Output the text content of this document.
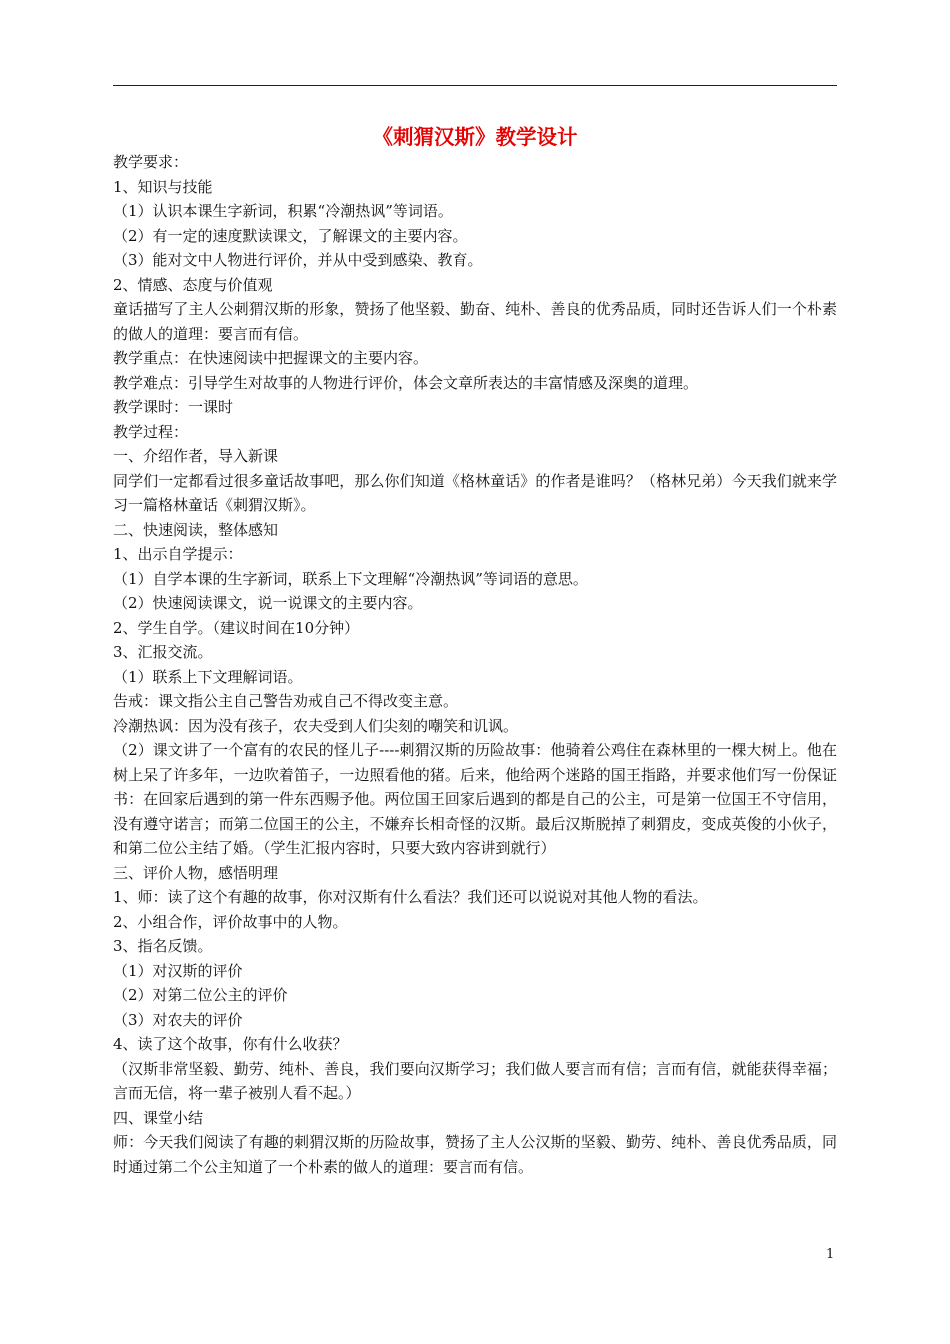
《刺猬汉斯》教学设计

教学要求：

1、知识与技能

（1）认识本课生字新词，积累“冷潮热讽”等词语。

（2）有一定的速度默读课文，了解课文的主要内容。

（3）能对文中人物进行评价，并从中受到感染、教育。

2、情感、态度与价值观

童话描写了主人公刺猬汉斯的形象，赞扬了他坚毅、勤奋、纯朴、善良的优秀品质，同时还告诉人们一个朴素的做人的道理：要言而有信。

教学重点：在快速阅读中把握课文的主要内容。

教学难点：引导学生对故事的人物进行评价，体会文章所表达的丰富情感及深奥的道理。

教学课时：一课时

教学过程：

一、介绍作者，导入新课

同学们一定都看过很多童话故事吧，那么你们知道《格林童话》的作者是谁吗？（格林兄弟）今天我们就来学习一篇格林童话《刺猬汉斯》。

二、快速阅读，整体感知

1、出示自学提示：

（1）自学本课的生字新词，联系上下文理解“冷潮热讽”等词语的意思。

（2）快速阅读课文，说一说课文的主要内容。

2、学生自学。（建议时间在10分钟）

3、汇报交流。

（1）联系上下文理解词语。

告戒：课文指公主自己警告劝戒自己不得改变主意。

冷潮热讽：因为没有孩子，农夫受到人们尖刻的嘲笑和讥讽。

（2）课文讲了一个富有的农民的怪儿子----刺猬汉斯的历险故事：他骑着公鸡住在森林里的一棵大树上。他在树上呆了许多年，一边吹着笛子，一边照看他的猪。后来，他给两个迷路的国王指路，并要求他们写一份保证书：在回家后遇到的第一件东西赐予他。两位国王回家后遇到的都是自己的公主，可是第一位国王不守信用，没有遵守诺言；而第二位国王的公主，不嫌弃长相奇怪的汉斯。最后汉斯脱掉了刺猬皮，变成英俊的小伙子，和第二位公主结了婚。（学生汇报内容时，只要大致内容讲到就行）

三、评价人物，感悟明理

1、师：读了这个有趣的故事，你对汉斯有什么看法？我们还可以说说对其他人物的看法。

2、小组合作，评价故事中的人物。

3、指名反馈。

（1）对汉斯的评价

（2）对第二位公主的评价

（3）对农夫的评价

4、读了这个故事，你有什么收获？

（汉斯非常坚毅、勤劳、纯朴、善良，我们要向汉斯学习；我们做人要言而有信；言而有信，就能获得幸福；言而无信，将一辈子被别人看不起。）

四、课堂小结

师：今天我们阅读了有趣的刺猬汉斯的历险故事，赞扬了主人公汉斯的坚毅、勤劳、纯朴、善良优秀品质，同时通过第二个公主知道了一个朴素的做人的道理：要言而有信。

1
